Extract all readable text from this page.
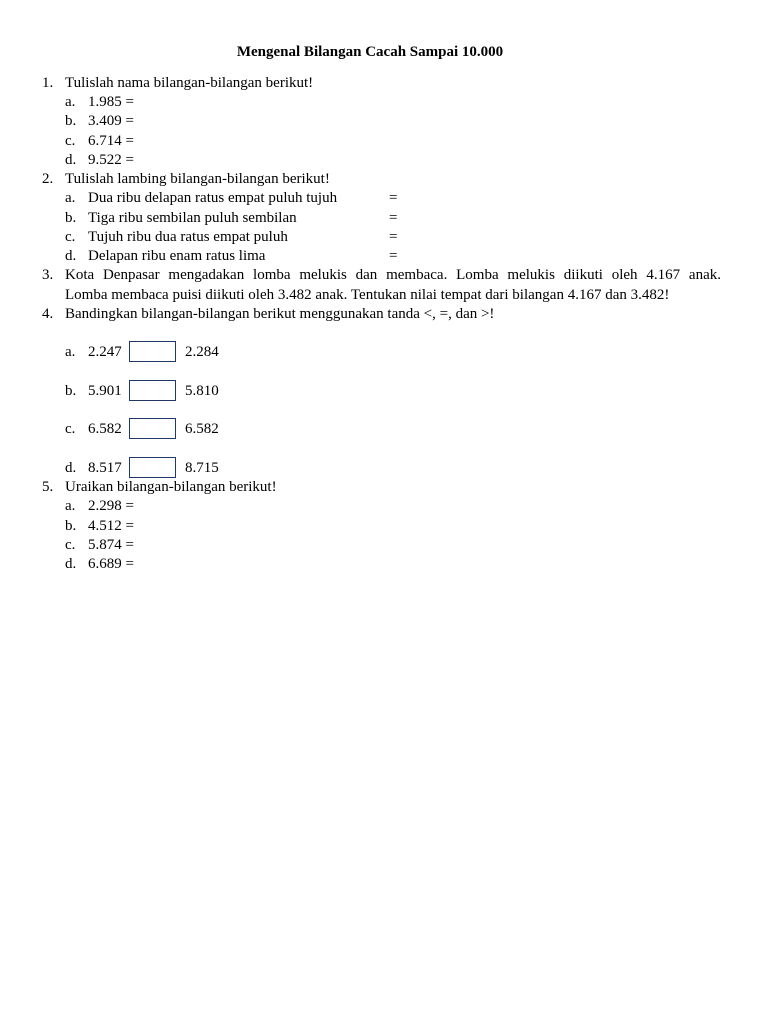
Mengenal Bilangan Cacah Sampai 10.000
1. Tulislah nama bilangan-bilangan berikut!
a. 1.985 =
b. 3.409 =
c. 6.714 =
d. 9.522 =
2. Tulislah lambing bilangan-bilangan berikut!
a. Dua ribu delapan ratus empat puluh tujuh	=
b. Tiga ribu sembilan puluh sembilan	=
c. Tujuh ribu dua ratus empat puluh	=
d. Delapan ribu enam ratus lima	=
3. Kota Denpasar mengadakan lomba melukis dan membaca. Lomba melukis diikuti oleh 4.167 anak.
Lomba membaca puisi diikuti oleh 3.482 anak. Tentukan nilai tempat dari bilangan 4.167 dan 3.482!
4. Bandingkan bilangan-bilangan berikut menggunakan tanda <, =, dan >!
a. 2.247	2.284
b. 5.901	5.810
c. 6.582	6.582
d. 8.517	8.715
5. Uraikan bilangan-bilangan berikut!
a. 2.298 =
b. 4.512 =
c. 5.874 =
d. 6.689 =
